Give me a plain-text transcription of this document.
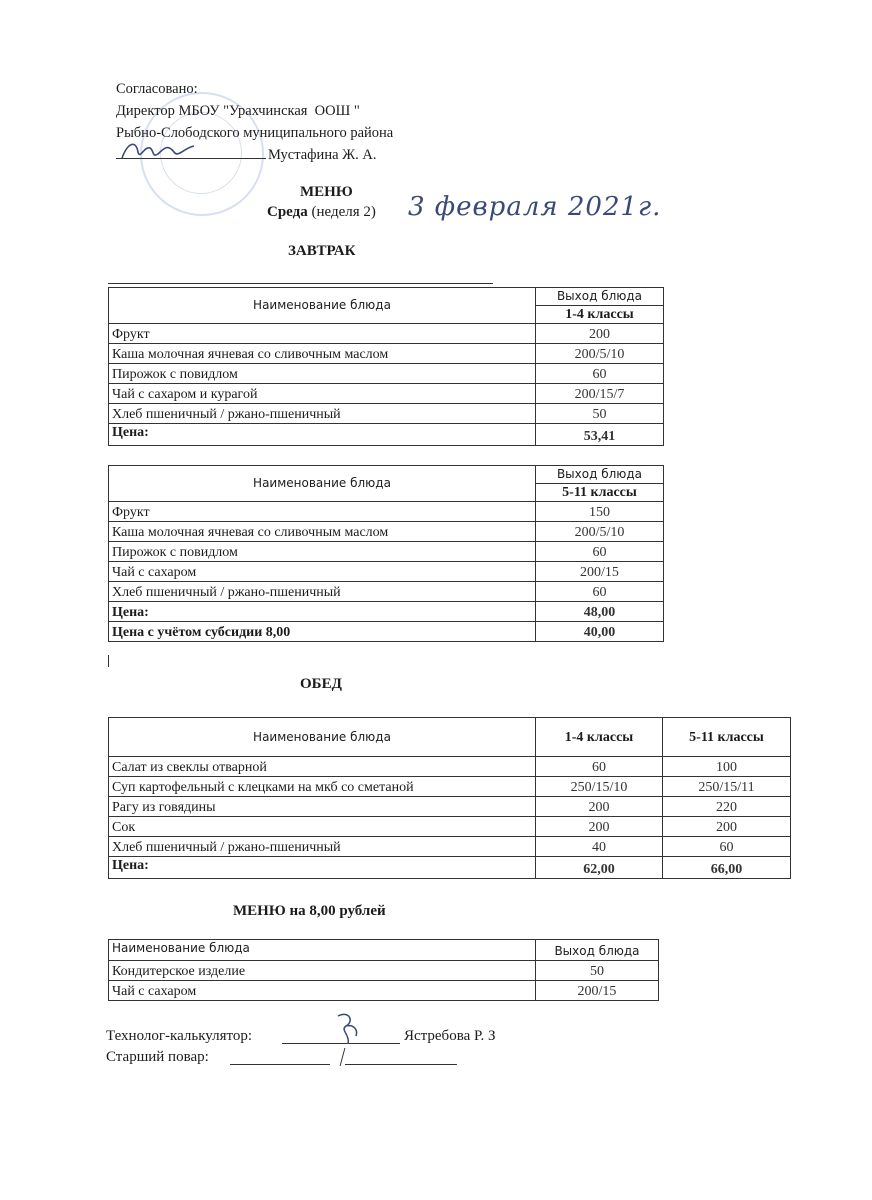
Согласовано:
Директор МБОУ "Урахчинская  ООШ "
Рыбно-Слободского муниципального района
Мустафина Ж. А.
МЕНЮ
Среда (неделя 2) 3 февраля 2021г.
ЗАВТРАК
Наименование блюда	Выход блюда
	1-4 классы
Фрукт	200
Каша молочная ячневая со сливочным маслом	200/5/10
Пирожок с повидлом	60
Чай с сахаром и курагой	200/15/7
Хлеб пшеничный / ржано-пшеничный	50
Цена:	53,41
Наименование блюда	Выход блюда
	5-11 классы
Фрукт	150
Каша молочная ячневая со сливочным маслом	200/5/10
Пирожок с повидлом	60
Чай с сахаром	200/15
Хлеб пшеничный / ржано-пшеничный	60
Цена:	48,00
Цена с учётом субсидии 8,00	40,00
ОБЕД
Наименование блюда	1-4 классы	5-11 классы
Салат из свеклы отварной	60	100
Суп картофельный с клецками на мкб со сметаной	250/15/10	250/15/11
Рагу из говядины	200	220
Сок	200	200
Хлеб пшеничный / ржано-пшеничный	40	60
Цена:	62,00	66,00
МЕНЮ на 8,00 рублей
Наименование блюда	Выход блюда
Кондитерское изделие	50
Чай с сахаром	200/15
Технолог-калькулятор:	Ястребова Р. З
Старший повар:
